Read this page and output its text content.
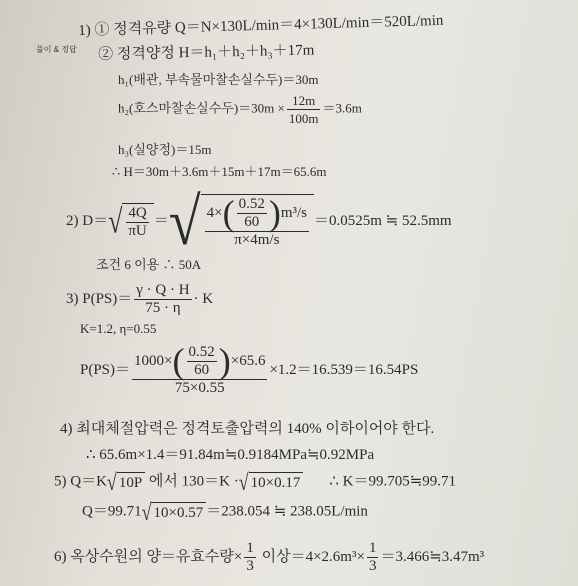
풀이 & 정답
1) ① 정격유량 Q＝N×130L/min＝4×130L/min＝520L/min
② 정격양정 H＝h₁＋h₂＋h₃＋17m
h₁(배관, 부속물마찰손실수두)＝30m
h₂(호스마찰손실수두)$=30m \times \frac{12m}{100m} =3.6m$
h₃(실양정)＝15m
∴ H＝30m＋3.6m＋15m＋17m＝65.6m
2) $D=√ \frac{4Q}{\pi U}$ ＝√ $\frac{4\times( \frac{0.52}{60} )m^3/s}{\pi\times 4m/s} =0.0525m$ ≒ 52.5mm
조건 6 이용 ∴ 50A
3) $P(PS)= \frac{\gamma \cdot Q \cdot H}{75 \cdot \eta} \cdot K$
K=1.2, η=0.55
$P(PS)= \frac{1000\times( \frac{0.52}{60} )\times 65.6}{75\times 0.55} \times 1.2=16.539=16.54PS$
4) 최대체절압력은 정격토출압력의 140% 이하이어야 한다.
∴ 65.6m×1.4＝91.84m≒0.9184MPa≒0.92MPa
5) Q＝K√ 10P 에서 130＝K ·√ 10×0.17 ∴ K＝99.705≒99.71
Q＝99.71√ 10×0.57 ＝238.054 ≒ 238.05L/min
6) 옥상수원의 양＝유효수량× $\frac{1}{3}$ 이상$=4\times 2.6m^3\times \frac{1}{3}$ ＝3.466≒3.47m³
